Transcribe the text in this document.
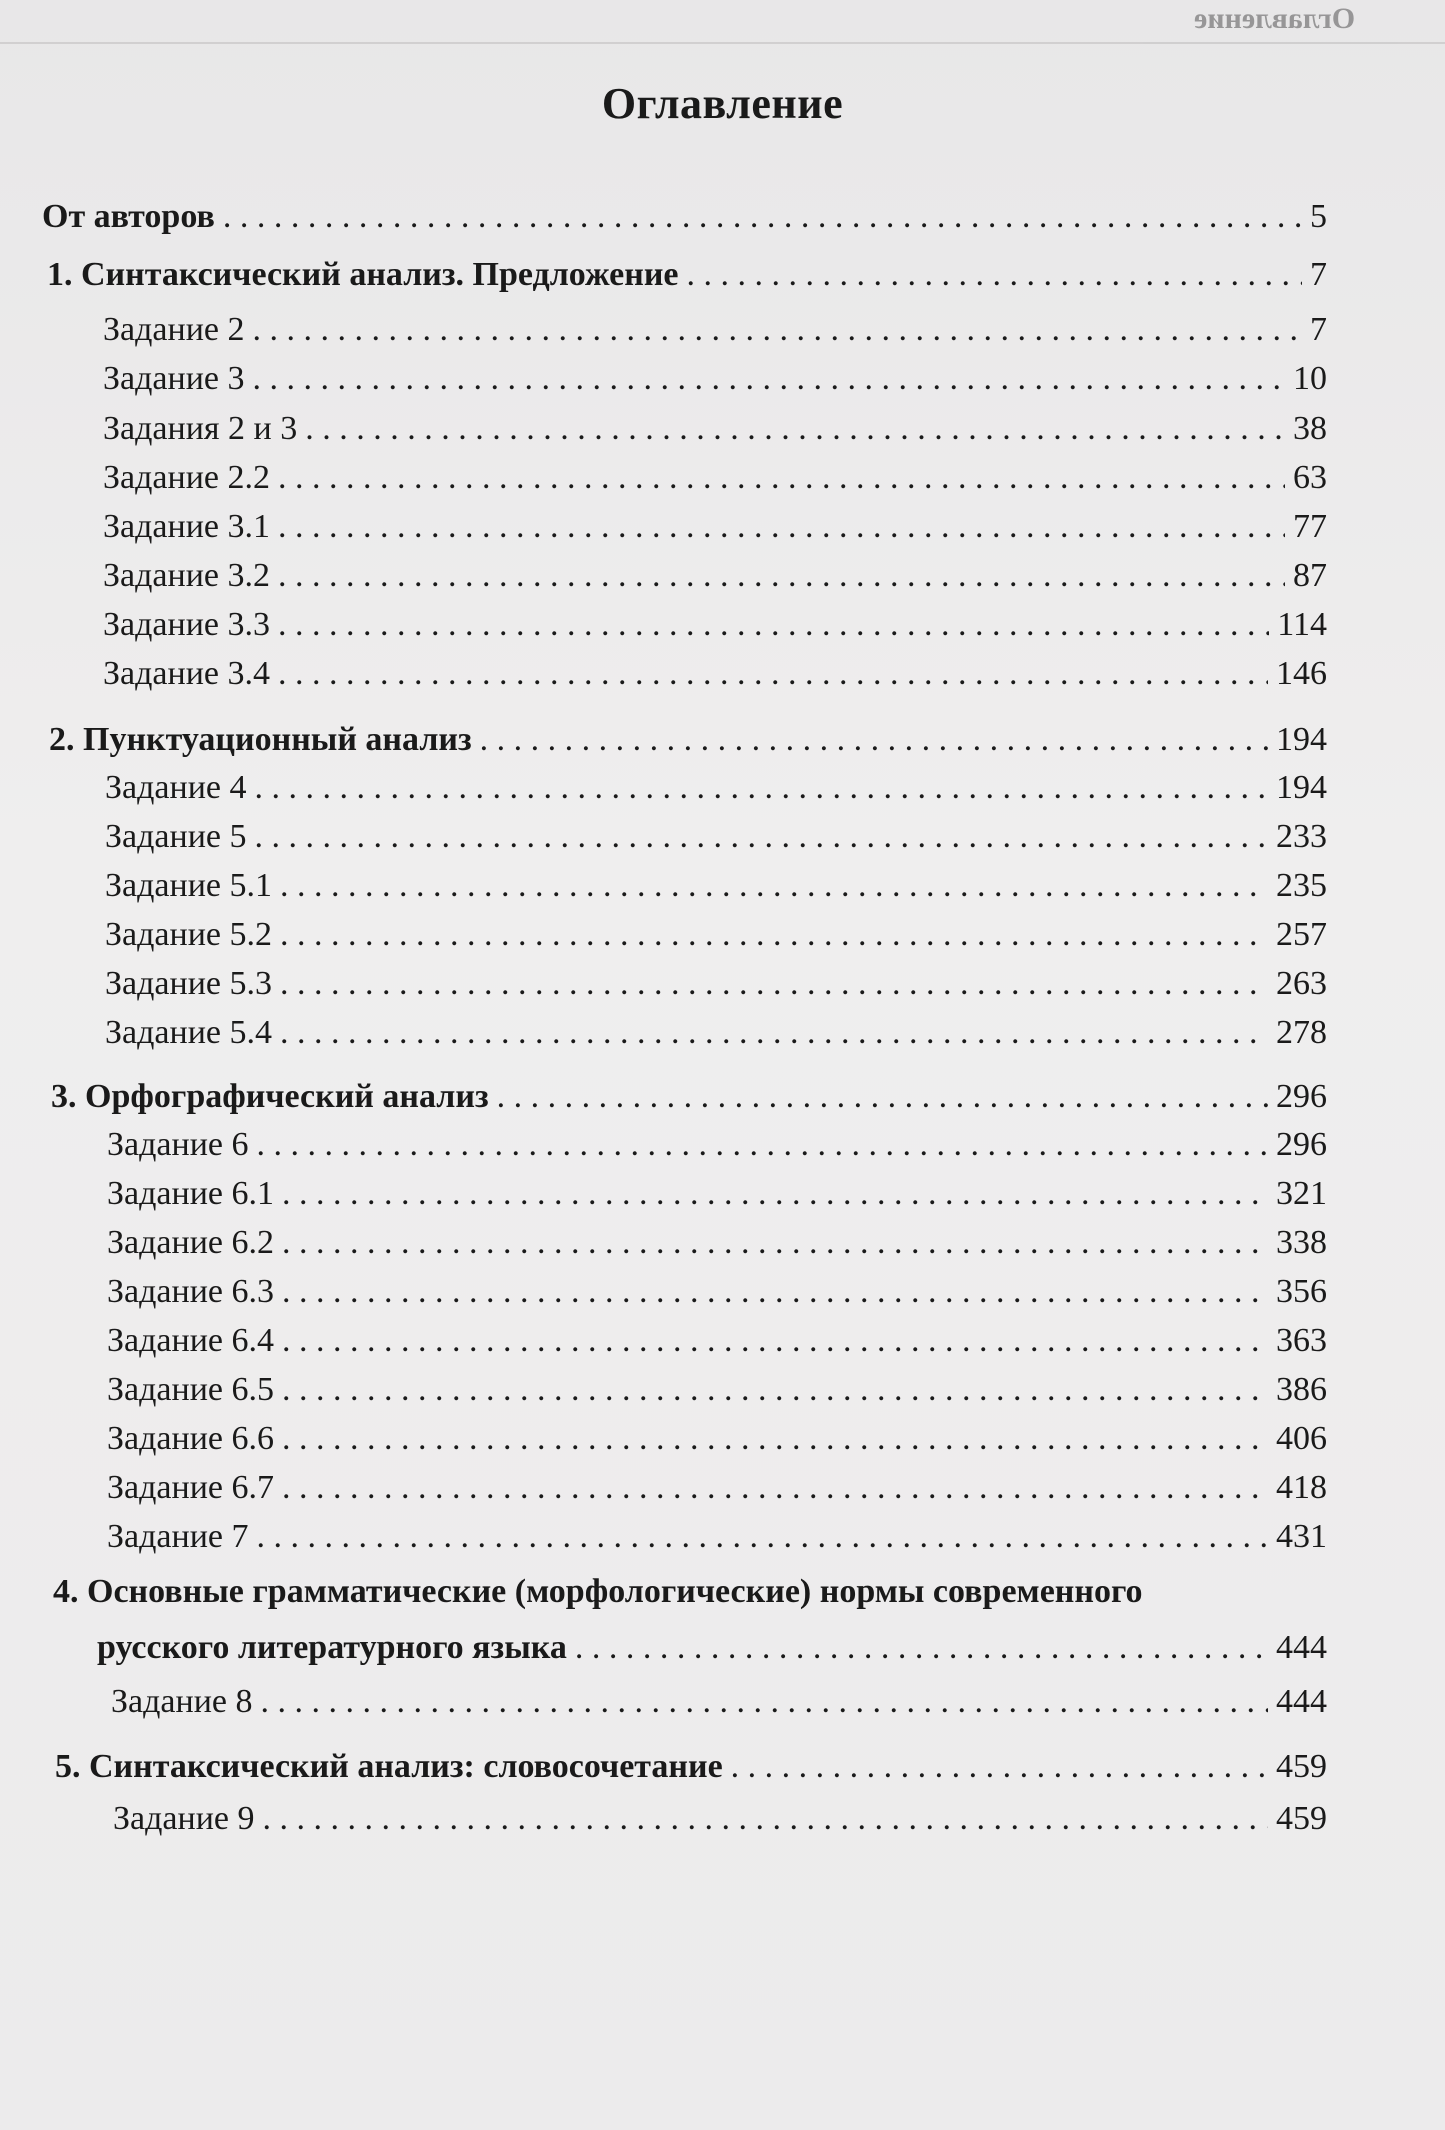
Оглавление
Оглавление
От авторов . . .	5
1. Синтаксический анализ. Предложение . . .	7
Задание 2 . . .	7
Задание 3 . . .	10
Задания 2 и 3 . . .	38
Задание 2.2 . . .	63
Задание 3.1 . . .	77
Задание 3.2 . . .	87
Задание 3.3 . . .	114
Задание 3.4 . . .	146
2. Пунктуационный анализ . . .	194
Задание 4 . . .	194
Задание 5 . . .	233
Задание 5.1 . . .	235
Задание 5.2 . . .	257
Задание 5.3 . . .	263
Задание 5.4 . . .	278
3. Орфографический анализ . . .	296
Задание 6 . . .	296
Задание 6.1 . . .	321
Задание 6.2 . . .	338
Задание 6.3 . . .	356
Задание 6.4 . . .	363
Задание 6.5 . . .	386
Задание 6.6 . . .	406
Задание 6.7 . . .	418
Задание 7 . . .	431
4. Основные грамматические (морфологические) нормы современного
русского литературного языка . . .	444
Задание 8 . . .	444
5. Синтаксический анализ: словосочетание . . .	459
Задание 9 . . .	459
